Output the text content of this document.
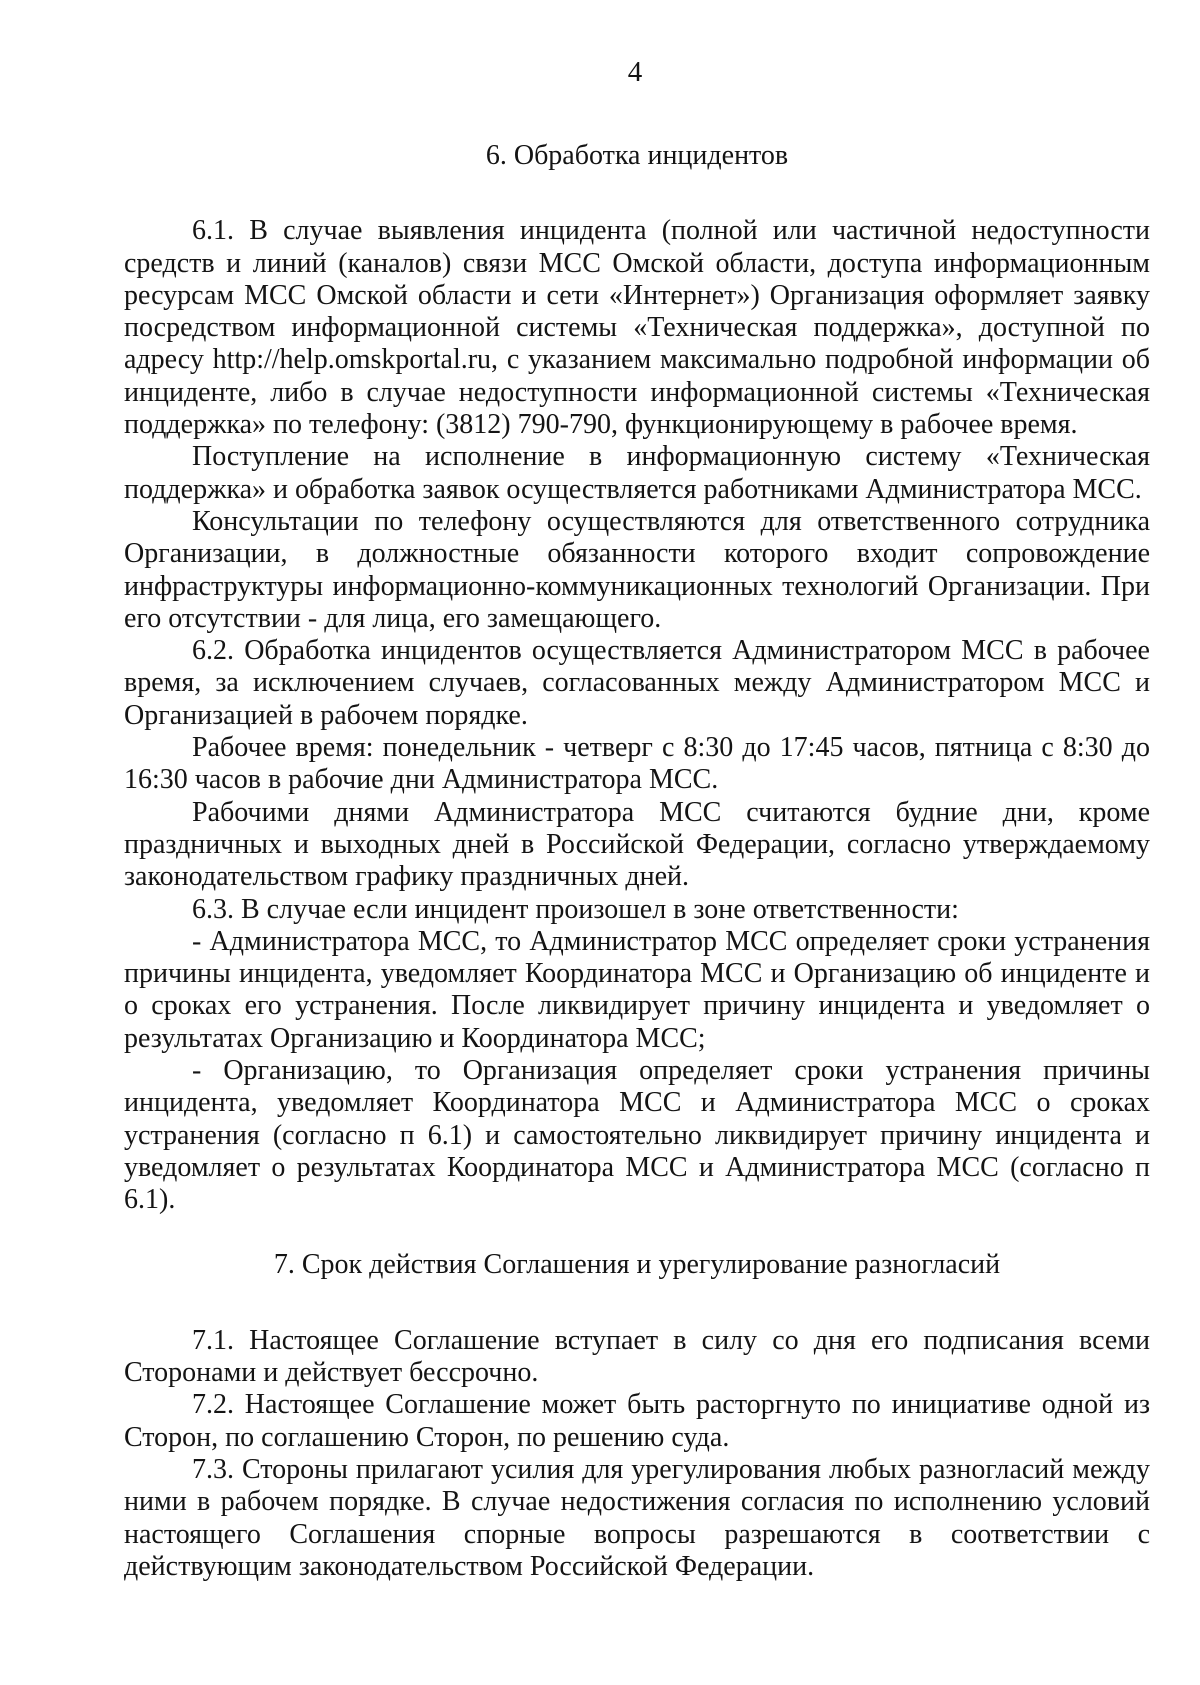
4
6. Обработка инцидентов

6.1. В случае выявления инцидента (полной или частичной недоступности средств и линий (каналов) связи МСС Омской области, доступа информационным ресурсам МСС Омской области и сети «Интернет») Организация оформляет заявку посредством информационной системы «Техническая поддержка», доступной по адресу http://help.omskportal.ru, с указанием максимально подробной информации об инциденте, либо в случае недоступности информационной системы «Техническая поддержка» по телефону: (3812) 790-790, функционирующему в рабочее время.

Поступление на исполнение в информационную систему «Техническая поддержка» и обработка заявок осуществляется работниками Администратора МСС.

Консультации по телефону осуществляются для ответственного сотрудника Организации, в должностные обязанности которого входит сопровождение инфраструктуры информационно-коммуникационных технологий Организации. При его отсутствии - для лица, его замещающего.

6.2. Обработка инцидентов осуществляется Администратором МСС в рабочее время, за исключением случаев, согласованных между Администратором МСС и Организацией в рабочем порядке.

Рабочее время: понедельник - четверг с 8:30 до 17:45 часов, пятница с 8:30 до 16:30 часов в рабочие дни Администратора МСС.

Рабочими днями Администратора МСС считаются будние дни, кроме праздничных и выходных дней в Российской Федерации, согласно утверждаемому законодательством графику праздничных дней.

6.3. В случае если инцидент произошел в зоне ответственности:

- Администратора МСС, то Администратор МСС определяет сроки устранения причины инцидента, уведомляет Координатора МСС и Организацию об инциденте и о сроках его устранения. После ликвидирует причину инцидента и уведомляет о результатах Организацию и Координатора МСС;

- Организацию, то Организация определяет сроки устранения причины инцидента, уведомляет Координатора МСС и Администратора МСС о сроках устранения (согласно п 6.1) и самостоятельно ликвидирует причину инцидента и уведомляет о результатах Координатора МСС и Администратора МСС (согласно п 6.1).

7. Срок действия Соглашения и урегулирование разногласий

7.1. Настоящее Соглашение вступает в силу со дня его подписания всеми Сторонами и действует бессрочно.

7.2. Настоящее Соглашение может быть расторгнуто по инициативе одной из Сторон, по соглашению Сторон, по решению суда.

7.3. Стороны прилагают усилия для урегулирования любых разногласий между ними в рабочем порядке. В случае недостижения согласия по исполнению условий настоящего Соглашения спорные вопросы разрешаются в соответствии с действующим законодательством Российской Федерации.
